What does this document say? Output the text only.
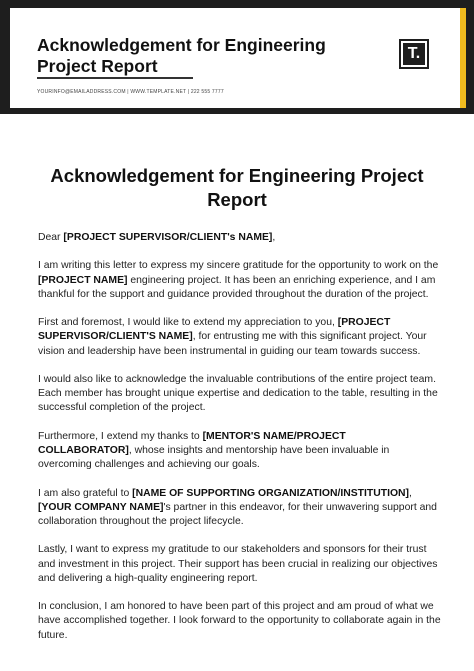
Acknowledgement for Engineering Project Report
YOURINFO@EMAILADDRESS.COM | WWW.TEMPLATE.NET | 222 555 7777
T.
Acknowledgement for Engineering Project Report

Dear [PROJECT SUPERVISOR/CLIENT's NAME],

I am writing this letter to express my sincere gratitude for the opportunity to work on the [PROJECT NAME] engineering project. It has been an enriching experience, and I am thankful for the support and guidance provided throughout the duration of the project.

First and foremost, I would like to extend my appreciation to you, [PROJECT SUPERVISOR/CLIENT'S NAME], for entrusting me with this significant project. Your vision and leadership have been instrumental in guiding our team towards success.

I would also like to acknowledge the invaluable contributions of the entire project team. Each member has brought unique expertise and dedication to the table, resulting in the successful completion of the project.

Furthermore, I extend my thanks to [MENTOR'S NAME/PROJECT COLLABORATOR], whose insights and mentorship have been invaluable in overcoming challenges and achieving our goals.

I am also grateful to [NAME OF SUPPORTING ORGANIZATION/INSTITUTION], [YOUR COMPANY NAME]'s partner in this endeavor, for their unwavering support and collaboration throughout the project lifecycle.

Lastly, I want to express my gratitude to our stakeholders and sponsors for their trust and investment in this project. Their support has been crucial in realizing our objectives and delivering a high-quality engineering report.

In conclusion, I am honored to have been part of this project and am proud of what we have accomplished together. I look forward to the opportunity to collaborate again in the future.
